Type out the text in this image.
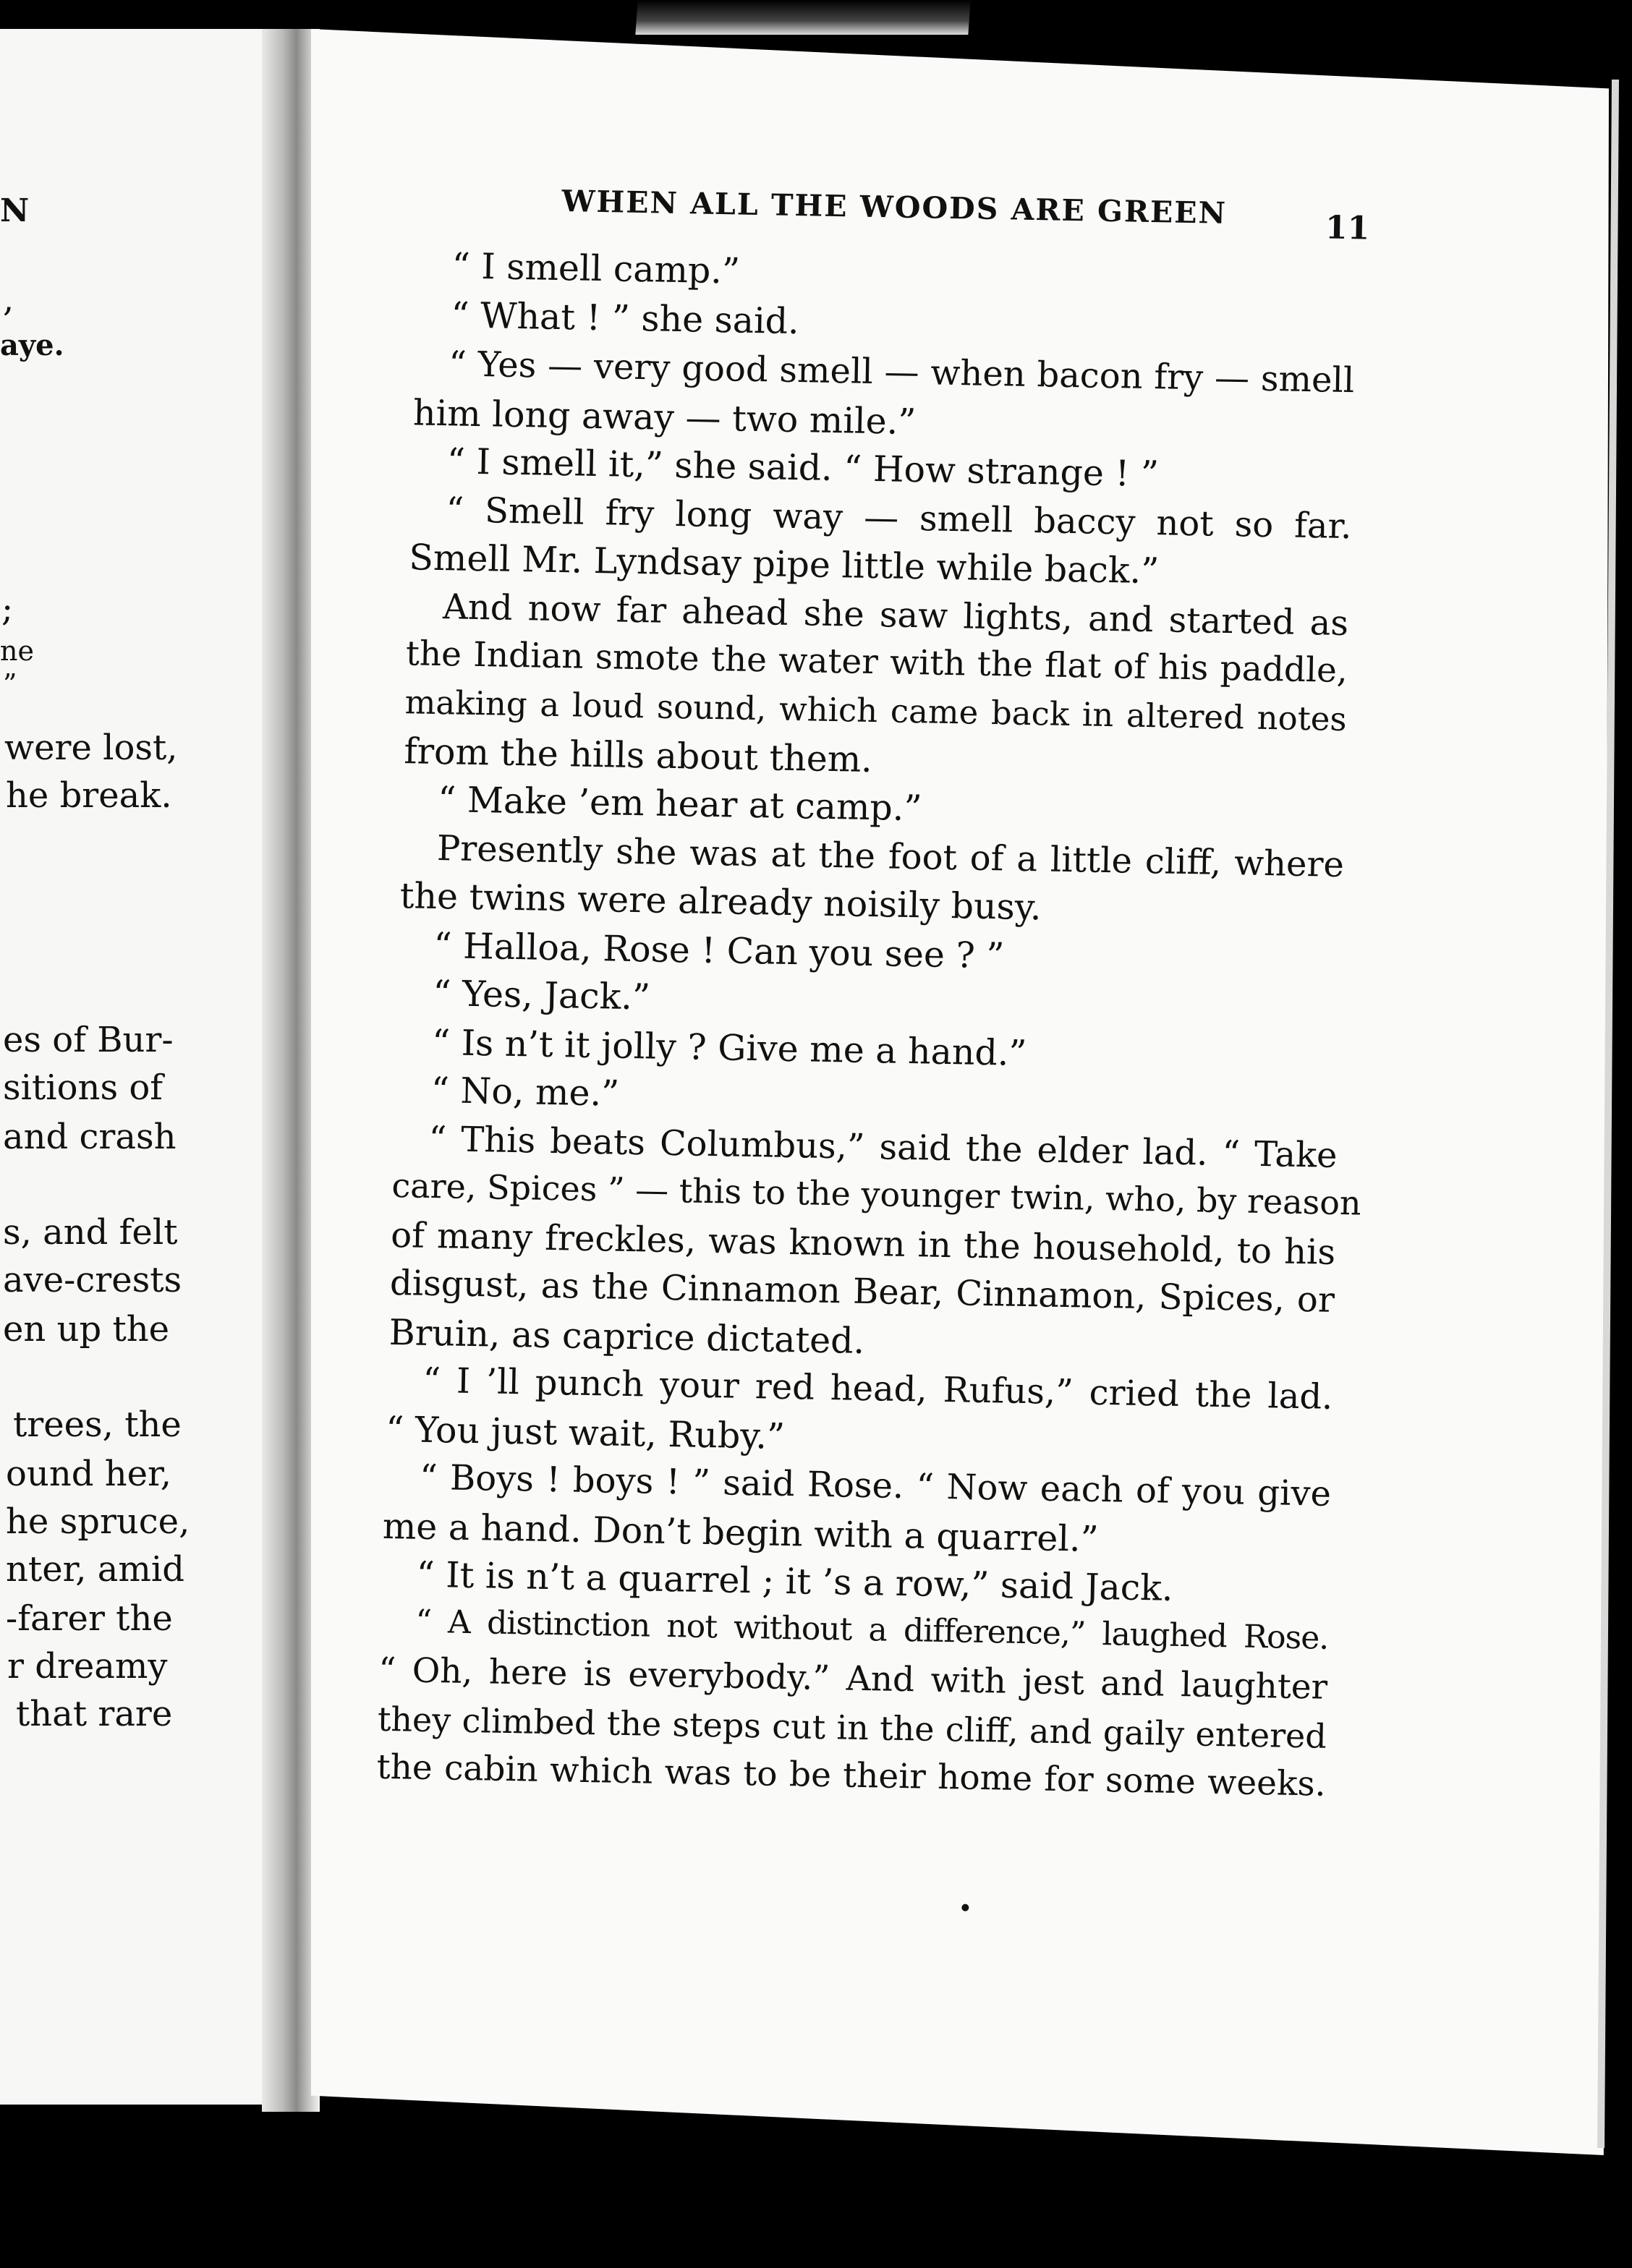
N
,
aye.
;
ne
”
were lost,
he break.
es of Bur-
sitions of
and crash
s, and felt
ave-crests
en up the
trees, the
ound her,
he spruce,
nter, amid
-farer the
r dreamy
that rare
WHEN ALL THE WOODS ARE GREEN	11
“ I smell camp.”
“ What ! ” she said.
“ Yes — very good smell — when bacon fry — smell
him long away — two mile.”
“ I smell it,” she said. “ How strange ! ”
“ Smell fry long way — smell baccy not so far.
Smell Mr. Lyndsay pipe little while back.”
And now far ahead she saw lights, and started as
the Indian smote the water with the flat of his paddle,
making a loud sound, which came back in altered notes
from the hills about them.
“ Make ’em hear at camp.”
Presently she was at the foot of a little cliff, where
the twins were already noisily busy.
“ Halloa, Rose ! Can you see ? ”
“ Yes, Jack.”
“ Is n’t it jolly ? Give me a hand.”
“ No, me.”
“ This beats Columbus,” said the elder lad. “ Take
care, Spices ” — this to the younger twin, who, by reason
of many freckles, was known in the household, to his
disgust, as the Cinnamon Bear, Cinnamon, Spices, or
Bruin, as caprice dictated.
“ I ’ll punch your red head, Rufus,” cried the lad.
“ You just wait, Ruby.”
“ Boys ! boys ! ” said Rose. “ Now each of you give
me a hand. Don’t begin with a quarrel.”
“ It is n’t a quarrel ; it ’s a row,” said Jack.
“ A distinction not without a difference,” laughed Rose.
“ Oh, here is everybody.” And with jest and laughter
they climbed the steps cut in the cliff, and gaily entered
the cabin which was to be their home for some weeks.
